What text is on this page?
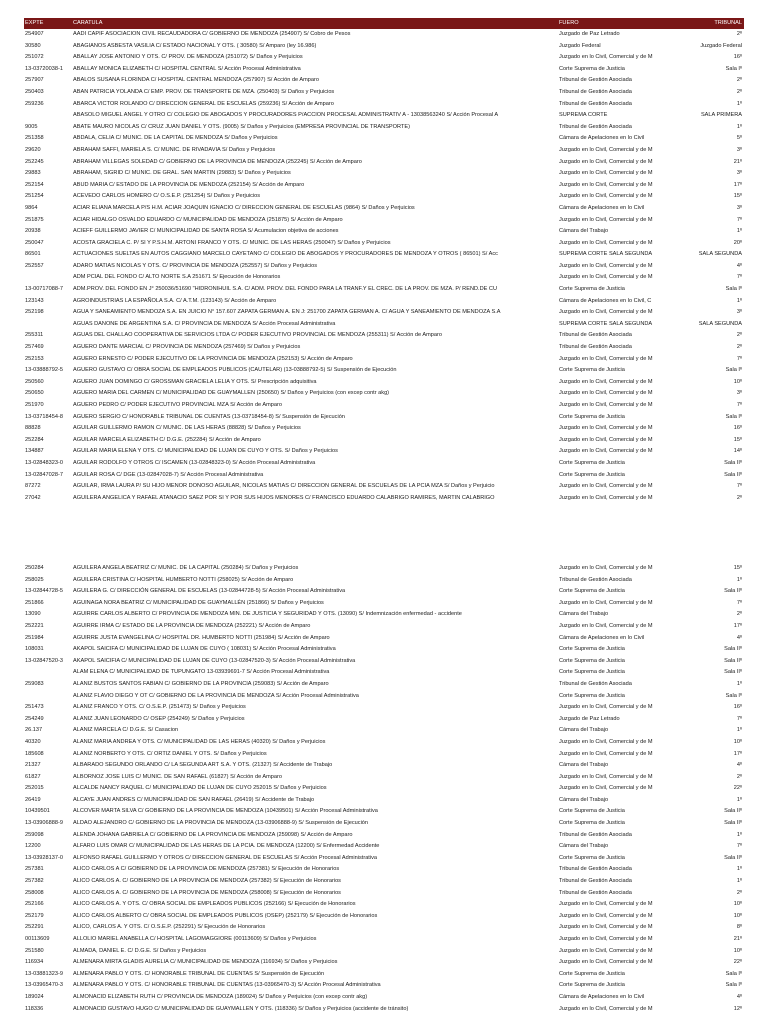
EXPTE	CARATULA	FUERO	TRIBUNAL
254907	AADI CAPIF ASOCIACION CIVIL RECAUDADORA C/ GOBIERNO DE MENDOZA (254907) S/ Cobro de Pesos	Juzgado de Paz Letrado	2º
30580	ABAGIANOS ASBESTA VASILIA C/ ESTADO NACIONAL Y OTS. ( 30580) S/ Amparo (ley 16.986)	Juzgado Federal	Juzgado Federal
251072	ABALLAY JOSE ANTONIO Y OTS. C/ PROV. DE MENDOZA (251072) S/ Daños y Perjuicios	Juzgado en lo Civil, Comercial y de M	16º
13-03720038-1	ABALLAY MONICA ELIZABETH C/ HOSPITAL CENTRAL S/ Acción Procesal Administrativa	Corte Suprema de Justicia	Sala Iº
257907	ABALOS SUSANA FLORINDA C/ HOSPITAL CENTRAL MENDOZA (257907) S/ Acción de Amparo	Tribunal de Gestión Asociada	2º
250403	ABAN PATRICIA YOLANDA C/ EMP. PROV. DE TRANSPORTE DE MZA. (250403) S/ Daños y Perjuicios	Tribunal de Gestión Asociada	2º
259236	ABARCA VICTOR ROLANDO C/ DIRECCION GENERAL DE ESCUELAS (259236) S/ Acción de Amparo	Tribunal de Gestión Asociada	1º
	ABASOLO MIGUEL ANGEL Y OTRO C/ COLEGIO DE ABOGADOS Y PROCURADORES P/ACCION PROCESAL ADMINISTRATIV A - 13038563240 S/ Acción Procesal A	SUPREMA CORTE	SALA PRIMERA
9005	ABATE MAURO NICOLAS C/ CRUZ JUAN DANIEL Y OTS. (9005) S/ Daños y Perjuicios (EMPRESA PROVINCIAL DE TRANSPORTE)	Tribunal de Gestión Asociada	1º
251358	ABDALA, CELIA C/ MUNIC. DE LA CAPITAL DE MENDOZA S/ Daños y Perjuicios	Cámara de Apelaciones en lo Civil	5º
29620	ABRAHAM SAFFI, MARIELA S. C/ MUNIC. DE RIVADAVIA S/ Daños y Perjuicios	Juzgado en lo Civil, Comercial y de M	3º
252245	ABRAHAM VILLEGAS SOLEDAD C/ GOBIERNO DE LA PROVINCIA DE MENDOZA (252245) S/ Acción de Amparo	Juzgado en lo Civil, Comercial y de M	21º
29883	ABRAHAM, SIGRID C/ MUNIC. DE GRAL. SAN MARTIN (29883) S/ Daños y Perjuicios	Juzgado en lo Civil, Comercial y de M	3º
252154	ABUD MARIA C/ ESTADO DE LA PROVINCIA DE MENDOZA (252154) S/ Acción de Amparo	Juzgado en lo Civil, Comercial y de M	17º
251254	ACEVEDO CARLOS HOMERO C/ O.S.E.P. (251254) S/ Daños y Perjuicios	Juzgado en lo Civil, Comercial y de M	15º
9864	ACIAR ELIANA MARCELA P/S H.M. ACIAR JOAQUIN IGNACIO C/ DIRECCION GENERAL DE ESCUELAS (9864) S/ Daños y Perjuicios	Cámara de Apelaciones en lo Civil	3º
251875	ACIAR HIDALGO OSVALDO EDUARDO C/ MUNICIPALIDAD DE MENDOZA (251875) S/ Acción de Amparo	Juzgado en lo Civil, Comercial y de M	7º
20938	ACIEFF GUILLERMO JAVIER C/ MUNICIPALIDAD DE SANTA ROSA S/ Acumulacion objetiva de acciones	Cámara del Trabajo	1º
250047	ACOSTA GRACIELA C. P/ SI Y P.S.H.M. ARTONI FRANCO Y OTS. C/ MUNIC. DE LAS HERAS (250047) S/ Daños y Perjuicios	Juzgado en lo Civil, Comercial y de M	20º
86501	ACTUACIONES SUELTAS EN AUTOS CAGGIANO MARCELO CAYETANO C/ COLEGIO DE ABOGADOS Y PROCURADORES DE MENDOZA Y OTROS ( 86501) S/ Acc	SUPREMA CORTE SALA SEGUNDA	SALA SEGUNDA
252557	ADARO MATIAS NICOLAS Y OTS. C/ PROVINCIA DE MENDOZA (252557) S/ Daños y Perjuicios	Juzgado en lo Civil, Comercial y de M	4º
	ADM PCIAL DEL FONDO C/ ALTO NORTE S.A 251671 S/ Ejecución de Honorarios	Juzgado en lo Civil, Comercial y de M	7º
13-00717088-7	ADM.PROV. DEL FONDO EN J° 250036/51690 "HIDRONIHUIL S.A. C/ ADM. PROV. DEL FONDO PARA LA TRANF.Y EL CREC. DE LA PROV. DE MZA. P/ REND.DE CU	Corte Suprema de Justicia	Sala Iº
123143	AGROINDUSTRIAS LA ESPAÑOLA S.A. C/ A.T.M. (123143) S/ Acción de Amparo	Cámara de Apelaciones en lo Civil, C	1º
252198	AGUA Y SANEAMIENTO MENDOZA S.A. EN JUICIO N° 157.607 ZAPATA GERMAN A. EN J: 251700 ZAPATA GERMAN A. C/ AGUA Y SANEAMIENTO DE MENDOZA S.A	Juzgado en lo Civil, Comercial y de M	3º
	AGUAS DANONE DE ARGENTINA S.A. C/ PROVINCIA DE MENDOZA S/ Acción Procesal Administrativa	SUPREMA CORTE SALA SEGUNDA	SALA SEGUNDA
255311	AGUAS DEL CHALLAO COOPERATIVA DE SERVICIOS LTDA C/ PODER EJECUTIVO PROVINCIAL DE MENDOZA (255311) S/ Acción de Amparo	Tribunal de Gestión Asociada	2º
257469	AGUERO DANTE MARCIAL C/ PROVINCIA DE MENDOZA (257469) S/ Daños y Perjuicios	Tribunal de Gestión Asociada	2º
252153	AGUERO ERNESTO C/ PODER EJECUTIVO DE LA PROVINCIA DE MENDOZA (252153) S/ Acción de Amparo	Juzgado en lo Civil, Comercial y de M	7º
13-03888792-5	AGUERO GUSTAVO C/ OBRA SOCIAL DE EMPLEADOS PUBLICOS (CAUTELAR) (13-03888792-5) S/ Suspensión de Ejecución	Corte Suprema de Justicia	Sala Iº
250560	AGUERO JUAN DOMINGO C/ GROSSMAN GRACIELA LELIA Y OTS. S/ Prescripción adquisitiva	Juzgado en lo Civil, Comercial y de M	10º
250650	AGUERO MARIA DEL CARMEN C/ MUNICIPALIDAD DE GUAYMALLEN (250650) S/ Daños y Perjuicios (con excep contr akg)	Juzgado en lo Civil, Comercial y de M	3º
251970	AGUERO PEDRO C/ PODER EJECUTIVO PROVINCIAL MZA S/ Acción de Amparo	Juzgado en lo Civil, Comercial y de M	7º
13-03718454-8	AGUERO SERGIO C/ HONORABLE TRIBUNAL DE CUENTAS (13-03718454-8) S/ Suspensión de Ejecución	Corte Suprema de Justicia	Sala Iº
88828	AGUILAR GUILLERMO RAMON C/ MUNIC. DE LAS HERAS (88828) S/ Daños y Perjuicios	Juzgado en lo Civil, Comercial y de M	16º
252284	AGUILAR MARCELA ELIZABETH C/ D.G.E. (252284) S/ Acción de Amparo	Juzgado en lo Civil, Comercial y de M	15º
134887	AGUILAR MARIA ELENA Y OTS. C/ MUNICIPALIDAD DE LUJAN DE CUYO Y OTS. S/ Daños y Perjuicios	Juzgado en lo Civil, Comercial y de M	14º
13-02848323-0	AGUILAR RODOLFO Y OTROS C/ ISCAMEN (13-02848323-0) S/ Acción Procesal Administrativa	Corte Suprema de Justicia	Sala IIº
13-02847028-7	AGUILAR ROSA C/ DGE (13-02847028-7) S/ Acción Procesal Administrativa	Corte Suprema de Justicia	Sala IIº
87272	AGUILAR, IRMA LAURA P/ SU HIJO MENOR DONOSO AGUILAR, NICOLAS MATIAS C/ DIRECCION GENERAL DE ESCUELAS DE LA PCIA MZA S/ Daños y Perjuicio	Juzgado en lo Civil, Comercial y de M	7º
27042	AGUILERA ANGELICA Y RAFAEL ATANACIO SAEZ POR SI Y POR SUS HIJOS MENORES C/ FRANCISCO EDUARDO CALABRIGO RAMIRES, MARTIN CALABRIGO	Juzgado en lo Civil, Comercial y de M	2º
250284	AGUILERA ANGELA BEATRIZ C/ MUNIC. DE LA CAPITAL (250284) S/ Daños y Perjuicios	Juzgado en lo Civil, Comercial y de M	15º
258025	AGUILERA CRISTINA C/ HOSPITAL HUMBERTO NOTTI (258025) S/ Acción de Amparo	Tribunal de Gestión Asociada	1º
13-02844728-5	AGUILERA G. C/ DIRECCIÓN GENERAL DE ESCUELAS (13-02844728-5) S/ Acción Procesal Administrativa	Corte Suprema de Justicia	Sala IIº
251866	AGUINAGA NORA BEATRIZ C/ MUNICIPALIDAD DE GUAYMALLÉN (251866) S/ Daños y Perjuicios	Juzgado en lo Civil, Comercial y de M	7º
13090	AGUIRRE CARLOS ALBERTO C/ PROVINCIA DE MENDOZA MIN. DE JUSTICIA Y SEGURIDAD Y OTS. (13090) S/ Indemnización enfermedad - accidente	Cámara del Trabajo	2º
252221	AGUIRRE IRMA C/ ESTADO DE LA PROVINCIA DE MENDOZA (252221) S/ Acción de Amparo	Juzgado en lo Civil, Comercial y de M	17º
251984	AGUIRRE JUSTA EVANGELINA C/ HOSPITAL DR. HUMBERTO NOTTI (251984) S/ Acción de Amparo	Cámara de Apelaciones en lo Civil	4º
108031	AKAPOL SAICIFA C/ MUNICIPALIDAD DE LUJAN DE CUYO ( 108031) S/ Acción Procesal Administrativa	Corte Suprema de Justicia	Sala IIº
13-02847520-3	AKAPOL SAICIFIA C/ MUNICIPALIDAD DE LUJAN DE CUYO (13-02847520-3) S/ Acción Procesal Administrativa	Corte Suprema de Justicia	Sala IIº
	ALAM ELENA C/ MUNICIPALIDAD DE TUPUNGATO 13-03939691-7 S/ Acción Procesal Administrativa	Corte Suprema de Justicia	Sala IIº
259083	ALANIZ BUSTOS SANTOS FABIAN C/ GOBIERNO DE LA PROVINCIA (259083) S/ Acción de Amparo	Tribunal de Gestión Asociada	1º
	ALANIZ FLAVIO DIEGO Y OT C/ GOBIERNO DE LA PROVINCIA DE MENDOZA S/ Acción Procesal Administrativa	Corte Suprema de Justicia	Sala Iº
251473	ALANIZ FRANCO Y OTS. C/ O.S.E.P. (251473) S/ Daños y Perjuicios	Juzgado en lo Civil, Comercial y de M	16º
254249	ALANIZ JUAN LEONARDO C/ OSEP (254249) S/ Daños y Perjuicios	Juzgado de Paz Letrado	7º
26.137	ALANIZ MARCELA C/ D.G.E. S/ Casacion	Cámara del Trabajo	1º
40320	ALANIZ MARIA ANDREA Y OTS. C/ MUNICIPALIDAD DE LAS HERAS (40320) S/ Daños y Perjuicios	Juzgado en lo Civil, Comercial y de M	10º
185608	ALANIZ NORBERTO Y OTS. C/ ORTIZ DANIEL Y OTS. S/ Daños y Perjuicios	Juzgado en lo Civil, Comercial y de M	17º
21327	ALBARADO SEGUNDO ORLANDO C/ LA SEGUNDA ART S.A. Y OTS. (21327) S/ Accidente de Trabajo	Cámara del Trabajo	4º
61827	ALBORNOZ JOSE LUIS C/ MUNIC. DE SAN RAFAEL (61827) S/ Acción de Amparo	Juzgado en lo Civil, Comercial y de M	2º
252015	ALCALDE NANCY RAQUEL C/ MUNICIPALIDAD DE LUJAN DE CUYO 252015 S/ Daños y Perjuicios	Juzgado en lo Civil, Comercial y de M	22º
26419	ALCAYE JUAN ANDRES C/ MUNICIPALIDAD DE SAN RAFAEL (26419) S/ Accidente de Trabajo	Cámara del Trabajo	1º
10439501	ALCOVER MARTA SILVA C/ GOBIERNO DE LA PROVINCIA DE MENDOZA (10439501) S/ Acción Procesal Administrativa	Corte Suprema de Justicia	Sala IIº
13-03906888-9	ALDAO ALEJANDRO C/ GOBIERNO DE LA PROVINCIA DE MENDOZA (13-03906888-9) S/ Suspensión de Ejecución	Corte Suprema de Justicia	Sala IIº
259098	ALENDA JOHANA GABRIELA C/ GOBIERNO DE LA PROVINCIA DE MENDOZA (259098) S/ Acción de Amparo	Tribunal de Gestión Asociada	1º
12200	ALFARO LUIS OMAR C/ MUNICIPALIDAD DE LAS HERAS DE LA PCIA. DE MENDOZA (12200) S/ Enfermedad Accidente	Cámara del Trabajo	7º
13-03928137-0	ALFONSO RAFAEL GUILLERMO Y OTROS C/ DIRECCION GENERAL DE ESCUELAS S/ Acción Procesal Administrativa	Corte Suprema de Justicia	Sala IIº
257381	ALICO CARLOS A C/ GOBIERNO DE LA PROVINCIA DE MENDOZA (257381) S/ Ejecución de Honorarios	Tribunal de Gestión Asociada	1º
257382	ALICO CARLOS A. C/ GOBIERNO DE LA PROVINCIA DE MENDOZA (257382) S/ Ejecución de Honorarios	Tribunal de Gestión Asociada	1º
258008	ALICO CARLOS A. C/ GOBIERNO DE LA PROVINCIA DE MENDOZA (258008) S/ Ejecución de Honorarios	Tribunal de Gestión Asociada	2º
252166	ALICO CARLOS A. Y OTS. C/ OBRA SOCIAL DE EMPLEADOS PUBLICOS (252166) S/ Ejecución de Honorarios	Juzgado en lo Civil, Comercial y de M	10º
252179	ALICO CARLOS ALBERTO C/ OBRA SOCIAL DE EMPLEADOS PUBLICOS (OSEP) (252179) S/ Ejecución de Honorarios	Juzgado en lo Civil, Comercial y de M	10º
252291	ALICO, CARLOS A. Y OTS. C/ O.S.E.P. (252291) S/ Ejecución de Honorarios	Juzgado en lo Civil, Comercial y de M	8º
00113609	ALLOLIO MARIEL ANABELLA C/ HOSPITAL LAGOMAGGIORE (00113609) S/ Daños y Perjuicios	Juzgado en lo Civil, Comercial y de M	21º
251580	ALMADA, DANIEL E. C/ D.G.E. S/ Daños y Perjuicios	Juzgado en lo Civil, Comercial y de M	10º
116934	ALMENARA MIRTA GLADIS AURELIA C/ MUNICIPALIDAD DE MENDOZA (116934) S/ Daños y Perjuicios	Juzgado en lo Civil, Comercial y de M	22º
13-03881323-9	ALMENARA PABLO Y OTS. C/ HONORABLE TRIBUNAL DE CUENTAS S/ Suspensión de Ejecución	Corte Suprema de Justicia	Sala Iº
13-03965470-3	ALMENARA PABLO Y OTS. C/ HONORABLE TRIBUNAL DE CUENTAS (13-03965470-3) S/ Acción Procesal Administrativa	Corte Suprema de Justicia	Sala Iº
189024	ALMONACID ELIZABETH RUTH C/ PROVINCIA DE MENDOZA (189024) S/ Daños y Perjuicios (con excep contr akg)	Cámara de Apelaciones en lo Civil	4º
118336	ALMONACID GUSTAVO HUGO C/ MUNICIPALIDAD DE GUAYMALLEN Y OTS. (118336) S/ Daños y Perjuicios (accidente de tránsito)	Juzgado en lo Civil, Comercial y de M	12º
